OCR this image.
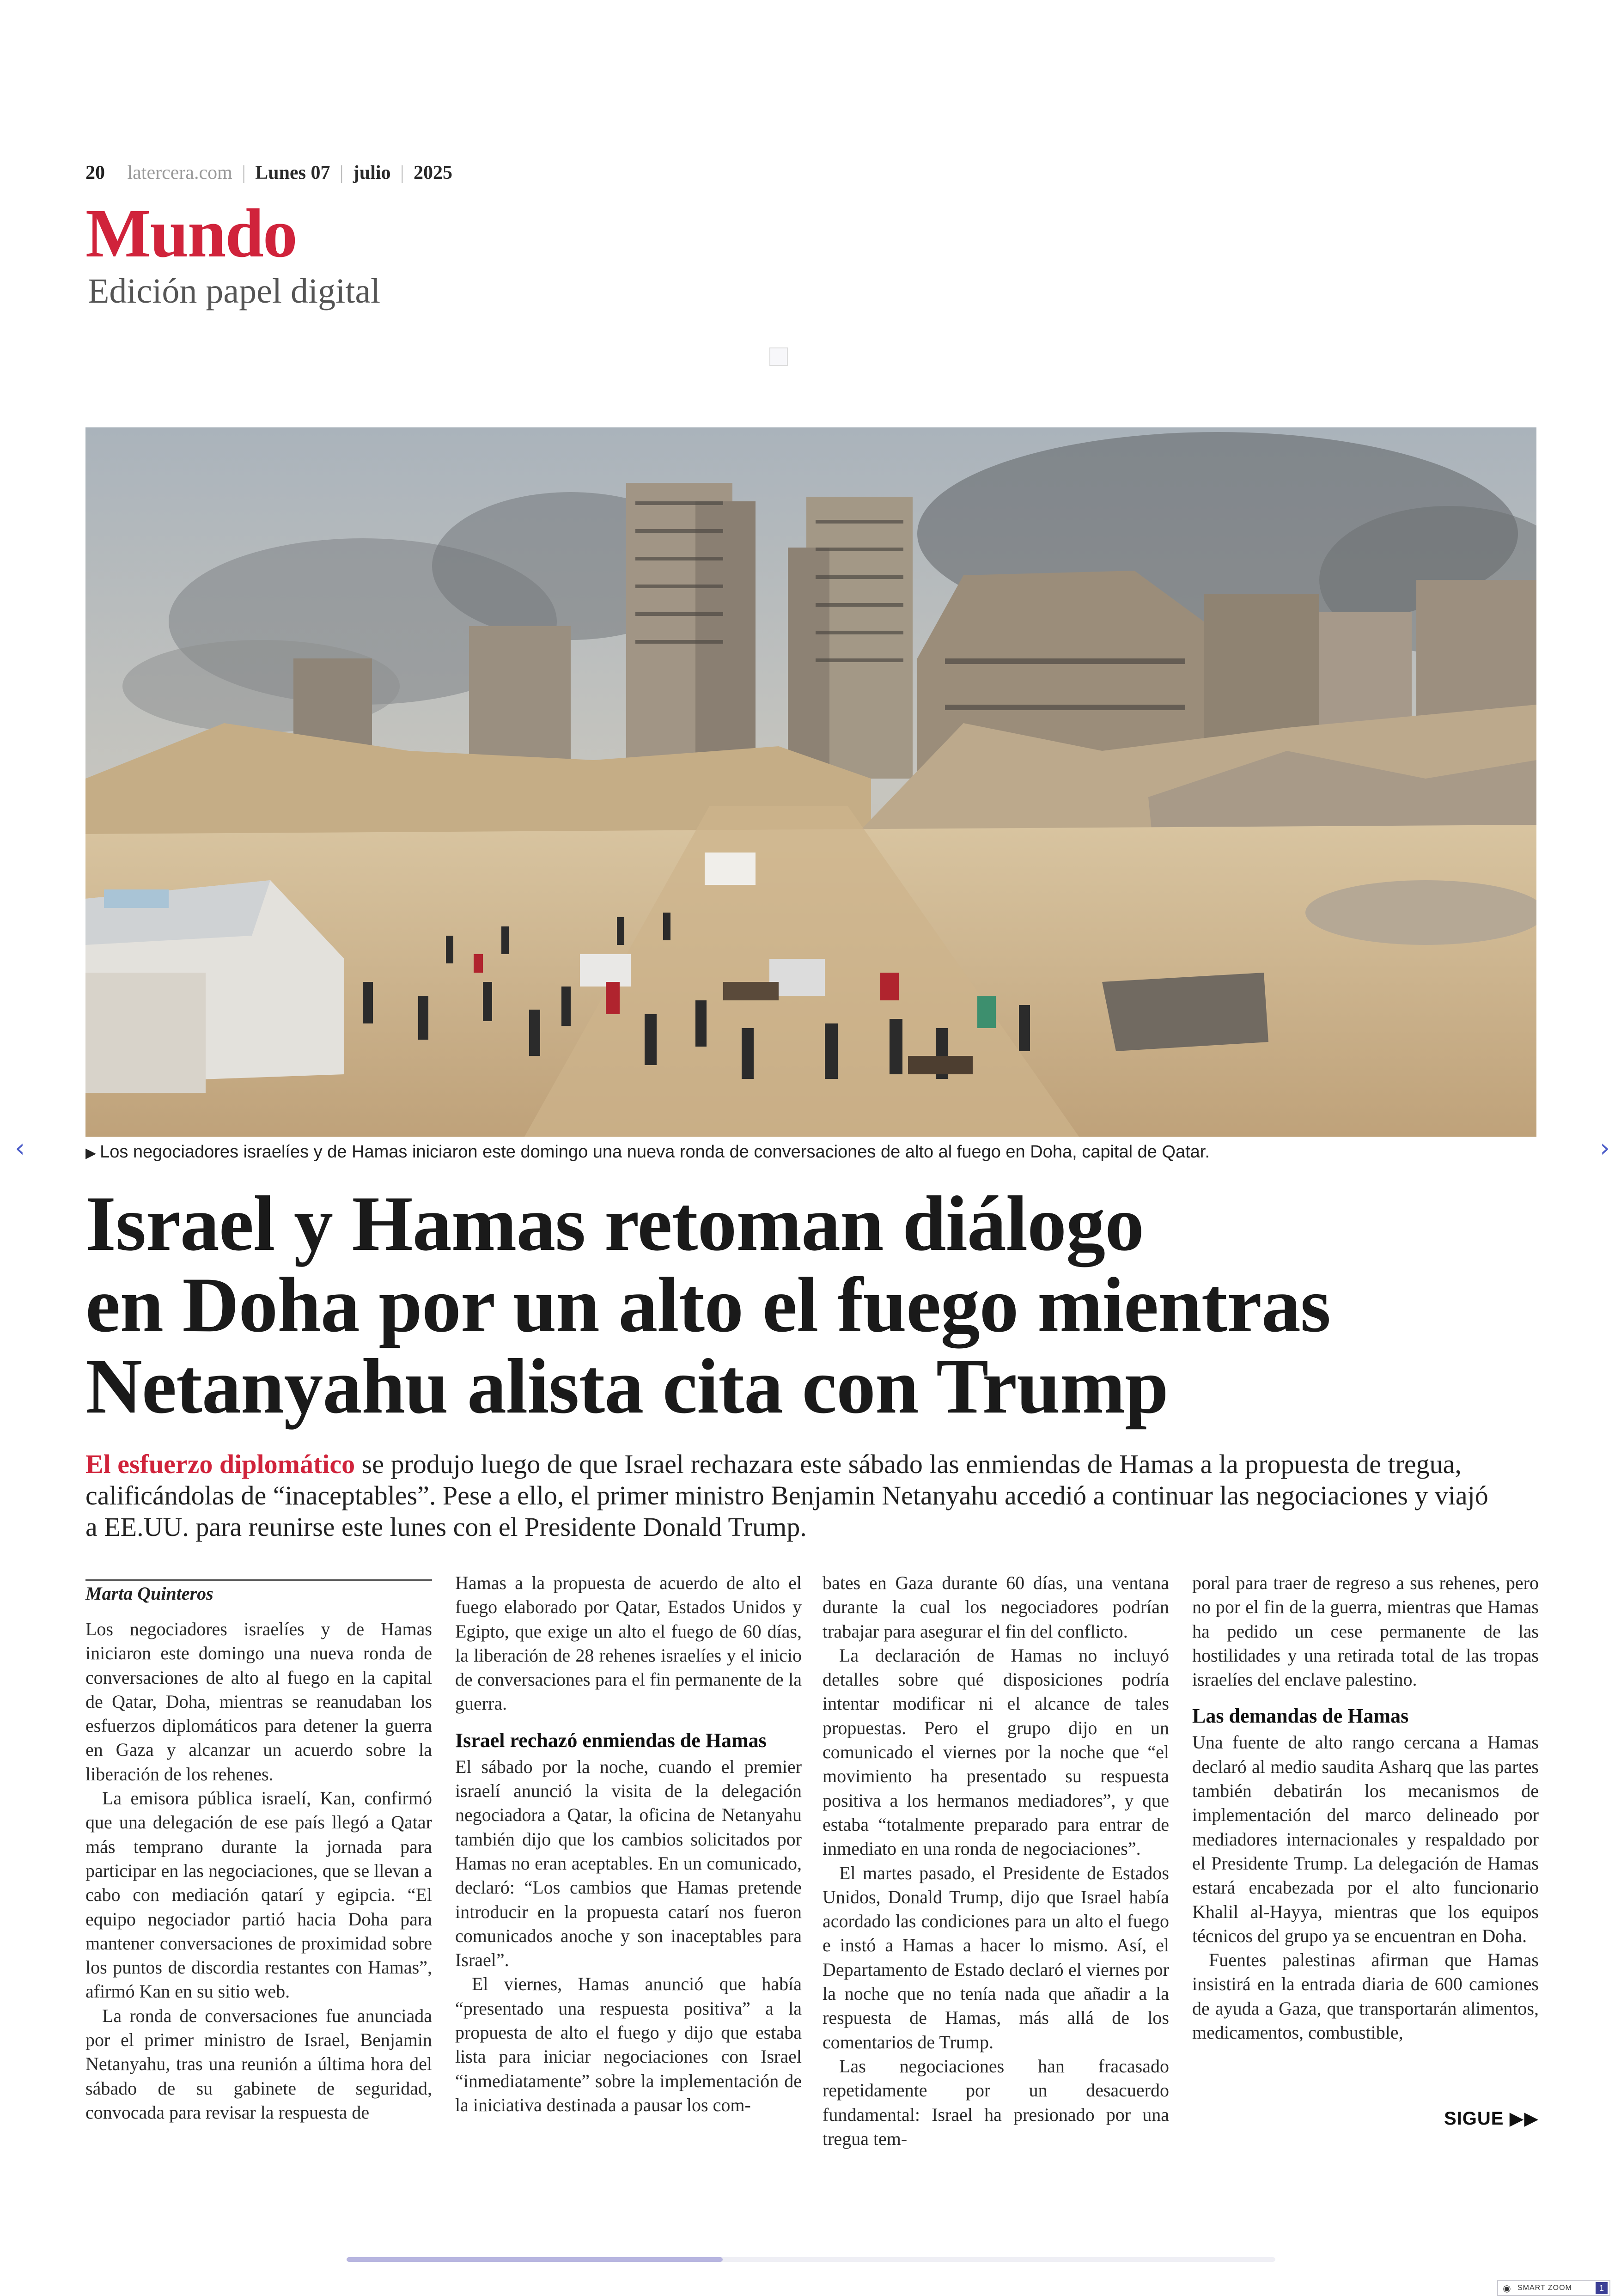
20 latercera.com | Lunes 07 | julio | 2025
Mundo
Edición papel digital
▶ Los negociadores israelíes y de Hamas iniciaron este domingo una nueva ronda de conversaciones de alto al fuego en Doha, capital de Qatar.
‹	›
Israel y Hamas retoman diálogo
en Doha por un alto el fuego mientras
Netanyahu alista cita con Trump
El esfuerzo diplomático se produjo luego de que Israel rechazara este sábado las enmiendas de Hamas a la propuesta de tregua, calificándolas de “inaceptables”. Pese a ello, el primer ministro Benjamin Netanyahu accedió a continuar las negociaciones y viajó a EE.UU. para reunirse este lunes con el Presidente Donald Trump.
Marta Quinteros

Los negociadores israelíes y de Hamas iniciaron este domingo una nueva ronda de conversaciones de alto al fuego en la capital de Qatar, Doha, mientras se reanudaban los esfuerzos diplomáticos para detener la guerra en Gaza y alcanzar un acuerdo sobre la liberación de los rehenes.

La emisora pública israelí, Kan, confirmó que una delegación de ese país llegó a Qatar más temprano durante la jornada para participar en las negociaciones, que se llevan a cabo con mediación qatarí y egipcia. “El equipo negociador partió hacia Doha para mantener conversaciones de proximidad sobre los puntos de discordia restantes con Hamas”, afirmó Kan en su sitio web.

La ronda de conversaciones fue anunciada por el primer ministro de Israel, Benjamin Netanyahu, tras una reunión a última hora del sábado de su gabinete de seguridad, convocada para revisar la respuesta de

Hamas a la propuesta de acuerdo de alto el fuego elaborado por Qatar, Estados Unidos y Egipto, que exige un alto el fuego de 60 días, la liberación de 28 rehenes israelíes y el inicio de conversaciones para el fin permanente de la guerra.

Israel rechazó enmiendas de Hamas

El sábado por la noche, cuando el premier israelí anunció la visita de la delegación negociadora a Qatar, la oficina de Netanyahu también dijo que los cambios solicitados por Hamas no eran aceptables. En un comunicado, declaró: “Los cambios que Hamas pretende introducir en la propuesta catarí nos fueron comunicados anoche y son inaceptables para Israel”.

El viernes, Hamas anunció que había “presentado una respuesta positiva” a la propuesta de alto el fuego y dijo que estaba lista para iniciar negociaciones con Israel “inmediatamente” sobre la implementación de la iniciativa destinada a pausar los com-

bates en Gaza durante 60 días, una ventana durante la cual los negociadores podrían trabajar para asegurar el fin del conflicto.

La declaración de Hamas no incluyó detalles sobre qué disposiciones podría intentar modificar ni el alcance de tales propuestas. Pero el grupo dijo en un comunicado el viernes por la noche que “el movimiento ha presentado su respuesta positiva a los hermanos mediadores”, y que estaba “totalmente preparado para entrar de inmediato en una ronda de negociaciones”.

El martes pasado, el Presidente de Estados Unidos, Donald Trump, dijo que Israel había acordado las condiciones para un alto el fuego e instó a Hamas a hacer lo mismo. Así, el Departamento de Estado declaró el viernes por la noche que no tenía nada que añadir a la respuesta de Hamas, más allá de los comentarios de Trump.

Las negociaciones han fracasado repetidamente por un desacuerdo fundamental: Israel ha presionado por una tregua tem-

poral para traer de regreso a sus rehenes, pero no por el fin de la guerra, mientras que Hamas ha pedido un cese permanente de las hostilidades y una retirada total de las tropas israelíes del enclave palestino.

Las demandas de Hamas

Una fuente de alto rango cercana a Hamas declaró al medio saudita Asharq que las partes también debatirán los mecanismos de implementación del marco delineado por mediadores internacionales y respaldado por el Presidente Trump. La delegación de Hamas estará encabezada por el alto funcionario Khalil al-Hayya, mientras que los equipos técnicos del grupo ya se encuentran en Doha.

Fuentes palestinas afirman que Hamas insistirá en la entrada diaria de 600 camiones de ayuda a Gaza, que transportarán alimentos, medicamentos, combustible,

SIGUE ▶▶
◉ SMART ZOOM	1
